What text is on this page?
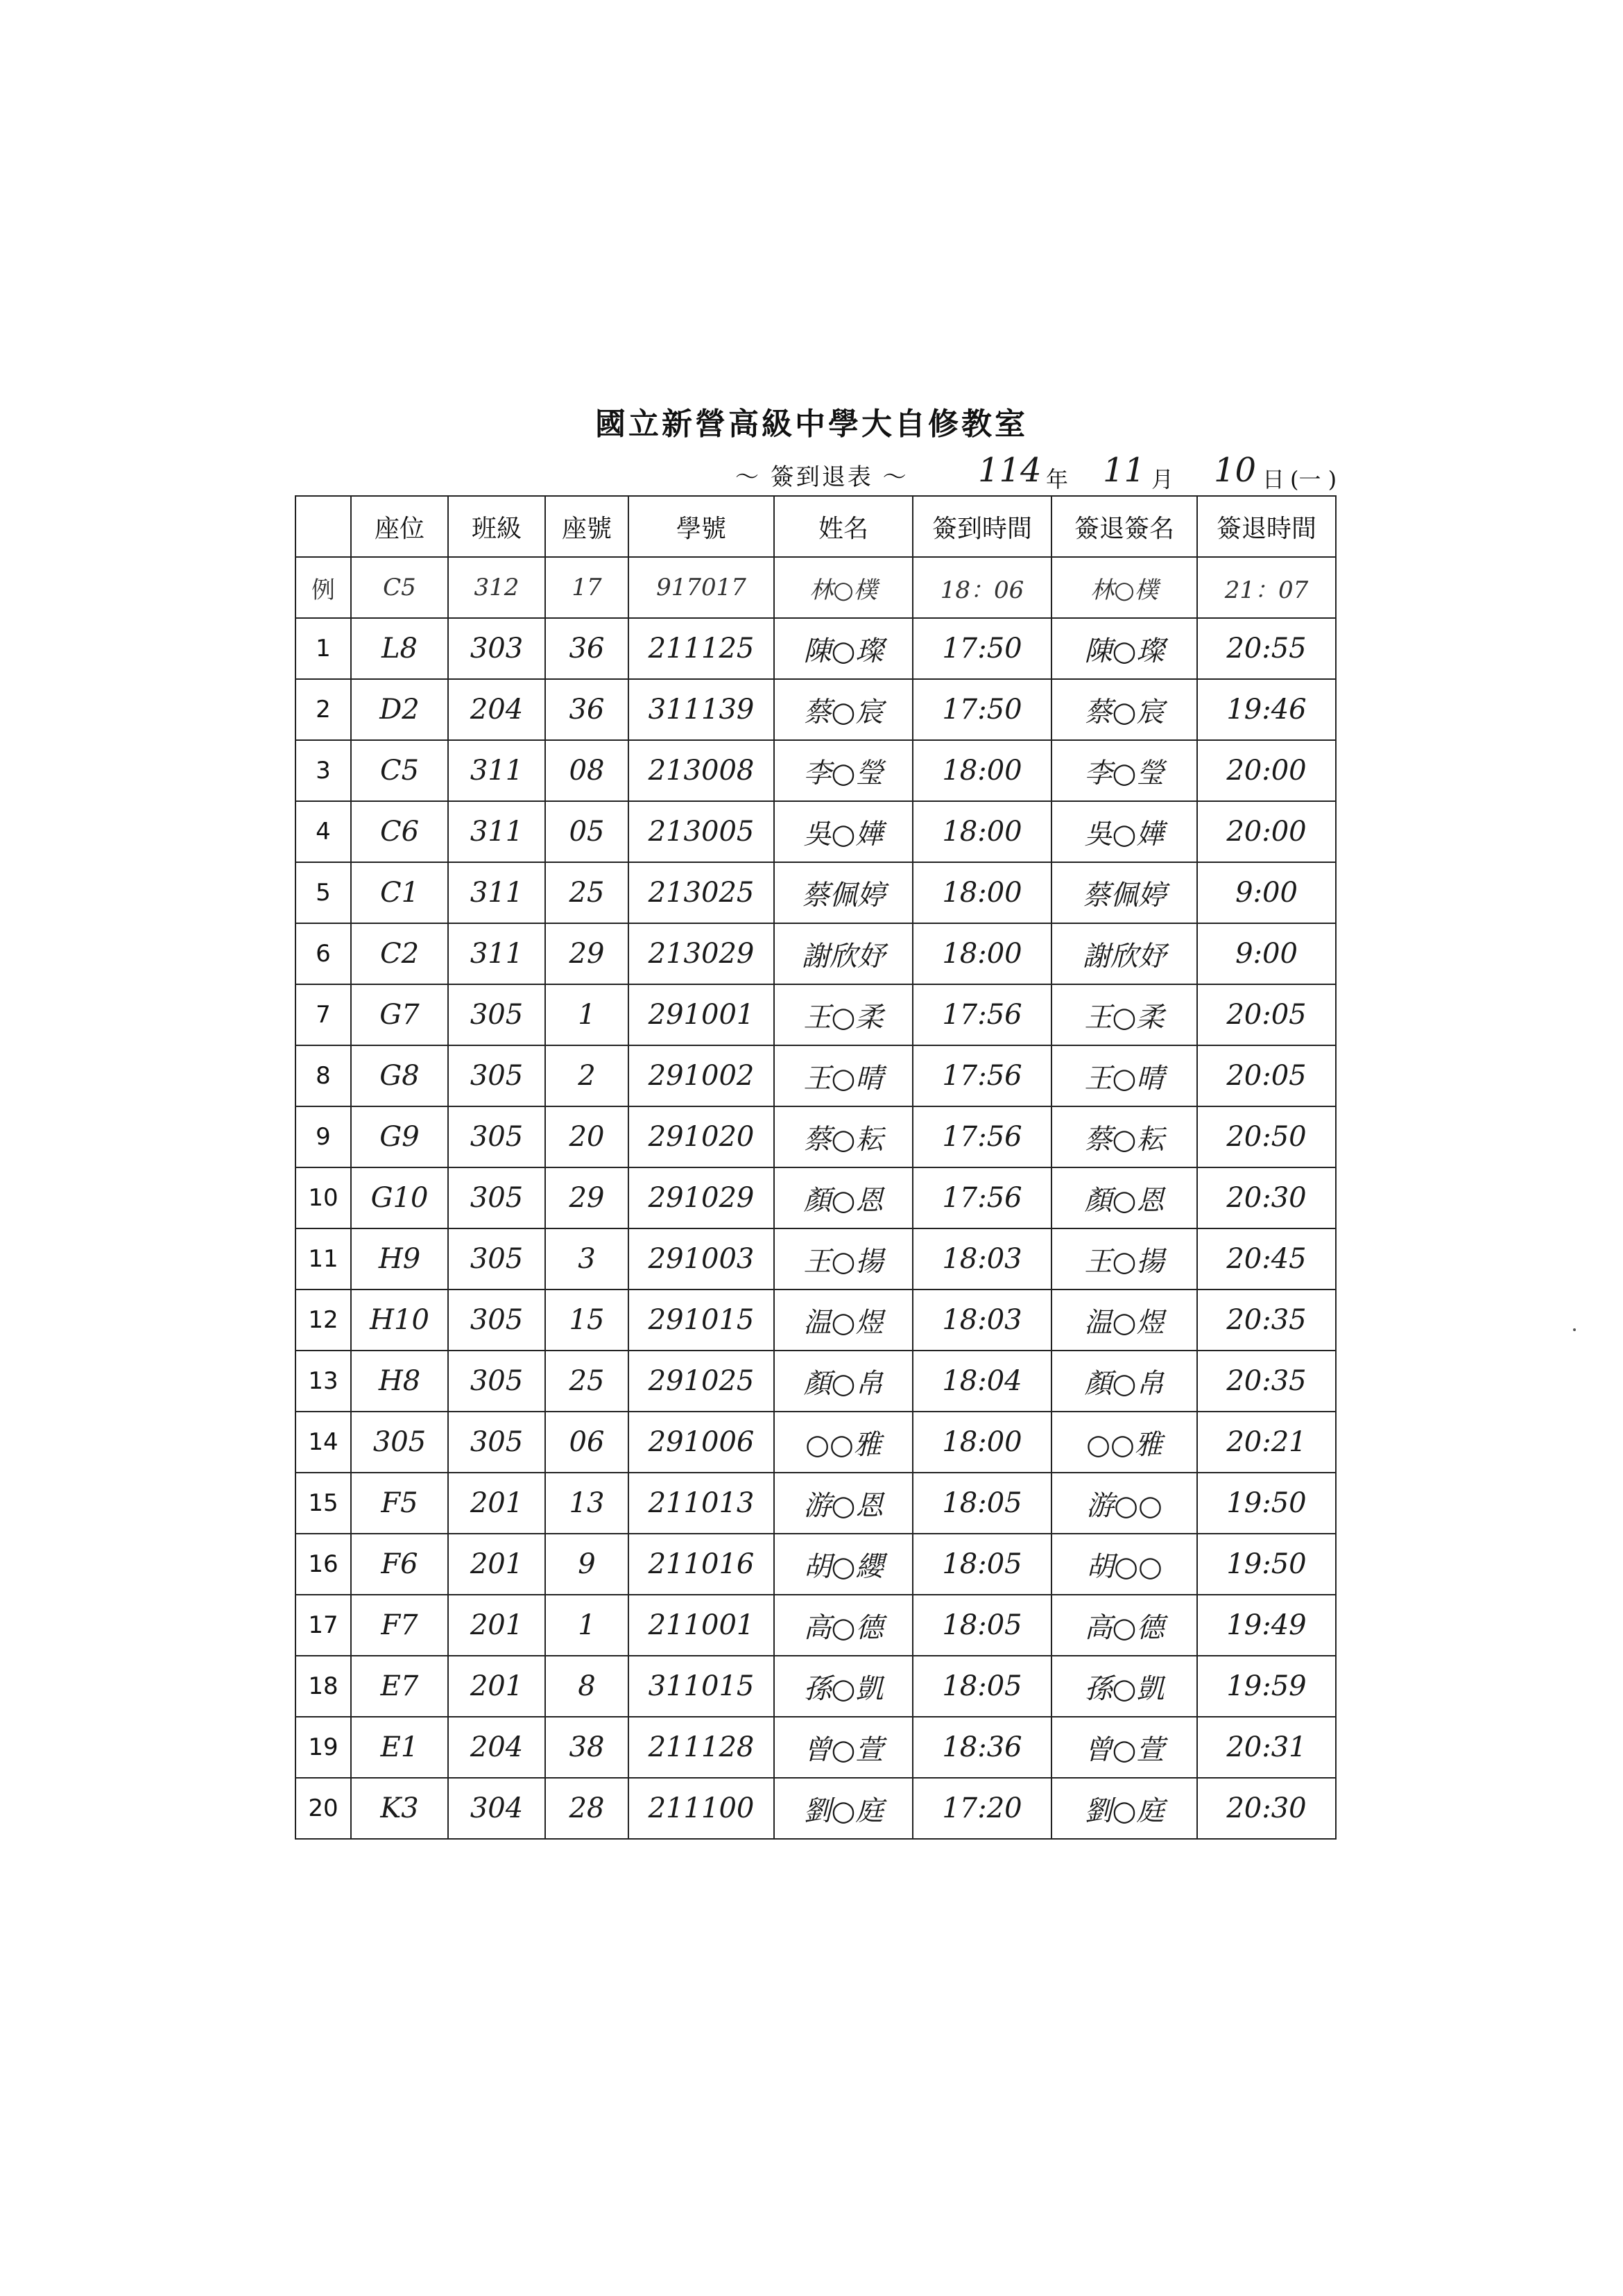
國立新營高級中學大自修教室
～ 簽到退表 ～ 114 年 11 月 10 日 (一 )
	座位	班級	座號	學號	姓名	簽到時間	簽退簽名	簽退時間
例	C5	312	17	917017	林○樸	18：06	林○樸	21：07
1	L8	303	36	211125	陳○璨	17:50	陳○璨	20:55
2	D2	204	36	311139	蔡○宸	17:50	蔡○宸	19:46
3	C5	311	08	213008	李○瑩	18:00	李○瑩	20:00
4	C6	311	05	213005	吳○嬅	18:00	吳○嬅	20:00
5	C1	311	25	213025	蔡佩婷	18:00	蔡佩婷	9:00
6	C2	311	29	213029	謝欣妤	18:00	謝欣妤	9:00
7	G7	305	1	291001	王○柔	17:56	王○柔	20:05
8	G8	305	2	291002	王○晴	17:56	王○晴	20:05
9	G9	305	20	291020	蔡○耘	17:56	蔡○耘	20:50
10	G10	305	29	291029	顏○恩	17:56	顏○恩	20:30
11	H9	305	3	291003	王○揚	18:03	王○揚	20:45
12	H10	305	15	291015	温○煜	18:03	温○煜	20:35
13	H8	305	25	291025	顏○帛	18:04	顏○帛	20:35
14	305	305	06	291006	○○雅	18:00	○○雅	20:21
15	F5	201	13	211013	游○恩	18:05	游○○	19:50
16	F6	201	9	211016	胡○纓	18:05	胡○○	19:50
17	F7	201	1	211001	高○德	18:05	高○德	19:49
18	E7	201	8	311015	孫○凱	18:05	孫○凱	19:59
19	E1	204	38	211128	曾○萱	18:36	曾○萱	20:31
20	K3	304	28	211100	劉○庭	17:20	劉○庭	20:30
